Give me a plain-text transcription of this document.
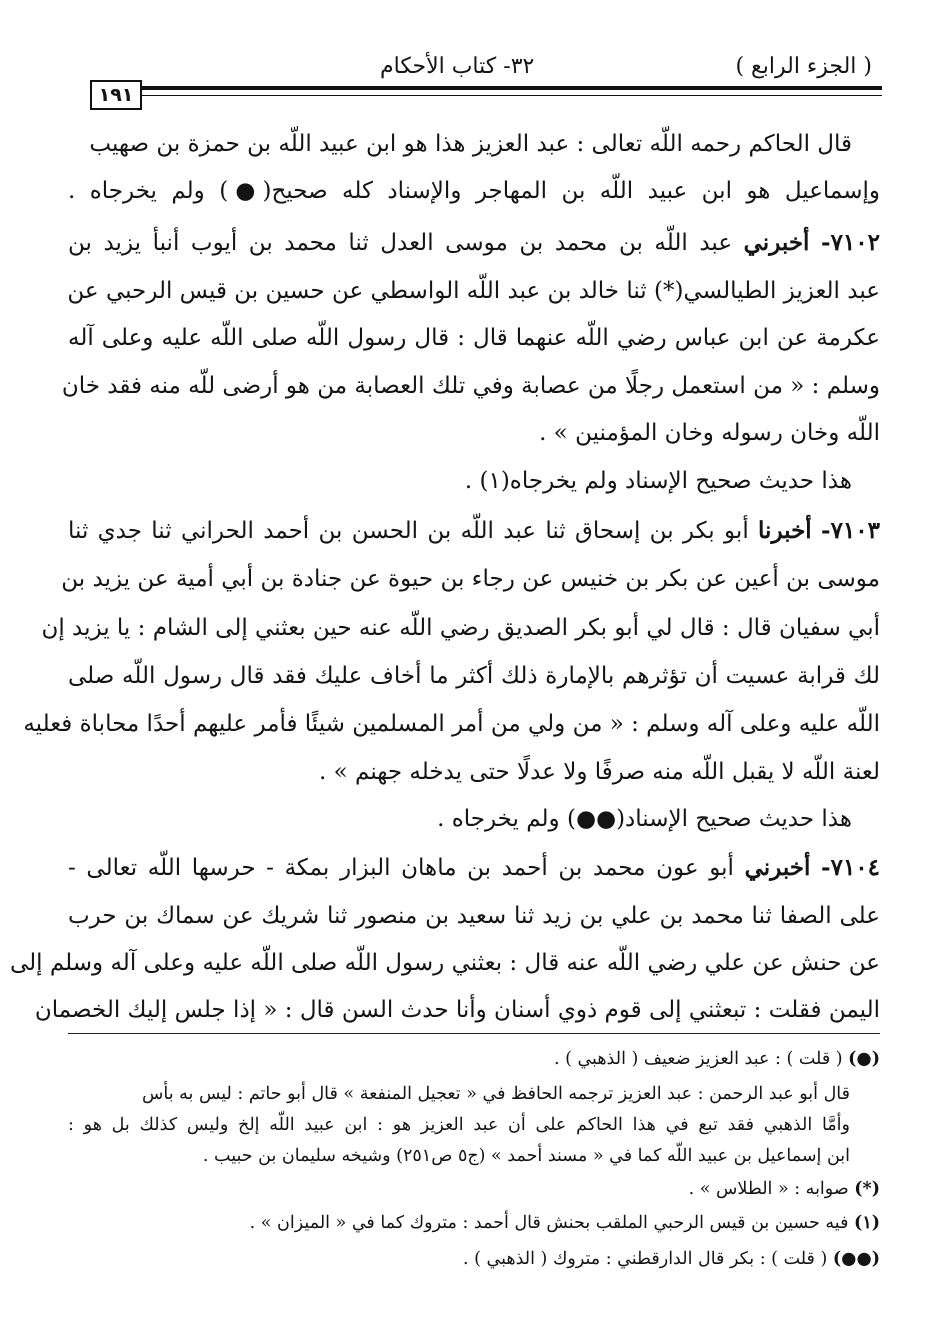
( الجزء الرابع )
٣٢- كتاب الأحكام
١٩١
قال الحاكم رحمه اللّه تعالى : عبد العزيز هذا هو ابن عبيد اللّه بن حمزة بن صهيب
وإسماعيل هو ابن عبيد اللّه بن المهاجر والإسناد كله صحيح(●) ولم يخرجاه .
٧١٠٢- أخبرني عبد اللّه بن محمد بن موسى العدل ثنا محمد بن أيوب أنبأ يزيد بن
عبد العزيز الطيالسي(*) ثنا خالد بن عبد اللّه الواسطي عن حسين بن قيس الرحبي عن
عكرمة عن ابن عباس رضي اللّه عنهما قال : قال رسول اللّه صلى اللّه عليه وعلى آله
وسلم : « من استعمل رجلًا من عصابة وفي تلك العصابة من هو أرضى للّه منه فقد خان
اللّه وخان رسوله وخان المؤمنين » .
هذا حديث صحيح الإسناد ولم يخرجاه(١) .
٧١٠٣- أخبرنا أبو بكر بن إسحاق ثنا عبد اللّه بن الحسن بن أحمد الحراني ثنا جدي ثنا
موسى بن أعين عن بكر بن خنيس عن رجاء بن حيوة عن جنادة بن أبي أمية عن يزيد بن
أبي سفيان قال : قال لي أبو بكر الصديق رضي اللّه عنه حين بعثني إلى الشام : يا يزيد إن
لك قرابة عسيت أن تؤثرهم بالإمارة ذلك أكثر ما أخاف عليك فقد قال رسول اللّه صلى
اللّه عليه وعلى آله وسلم : « من ولي من أمر المسلمين شيئًا فأمر عليهم أحدًا محاباة فعليه
لعنة اللّه لا يقبل اللّه منه صرفًا ولا عدلًا حتى يدخله جهنم » .
هذا حديث صحيح الإسناد(●●) ولم يخرجاه .
٧١٠٤- أخبرني أبو عون محمد بن أحمد بن ماهان البزار بمكة - حرسها اللّه تعالى -
على الصفا ثنا محمد بن علي بن زيد ثنا سعيد بن منصور ثنا شريك عن سماك بن حرب
عن حنش عن علي رضي اللّه عنه قال : بعثني رسول اللّه صلى اللّه عليه وعلى آله وسلم إلى
اليمن فقلت : تبعثني إلى قوم ذوي أسنان وأنا حدث السن قال : « إذا جلس إليك الخصمان
(●) ( قلت ) : عبد العزيز ضعيف ( الذهبي ) .
قال أبو عبد الرحمن : عبد العزيز ترجمه الحافظ في « تعجيل المنفعة » قال أبو حاتم : ليس به بأس
وأمَّا الذهبي فقد تبع في هذا الحاكم على أن عبد العزيز هو : ابن عبيد اللّه إلخ وليس كذلك بل هو :
ابن إسماعيل بن عبيد اللّه كما في « مسند أحمد » (ج٥ ص٢٥١) وشيخه سليمان بن حبيب .
(*) صوابه : « الطلاس » .
(١) فيه حسين بن قيس الرحبي الملقب بحنش قال أحمد : متروك كما في « الميزان » .
(●●) ( قلت ) : بكر قال الدارقطني : متروك ( الذهبي ) .
